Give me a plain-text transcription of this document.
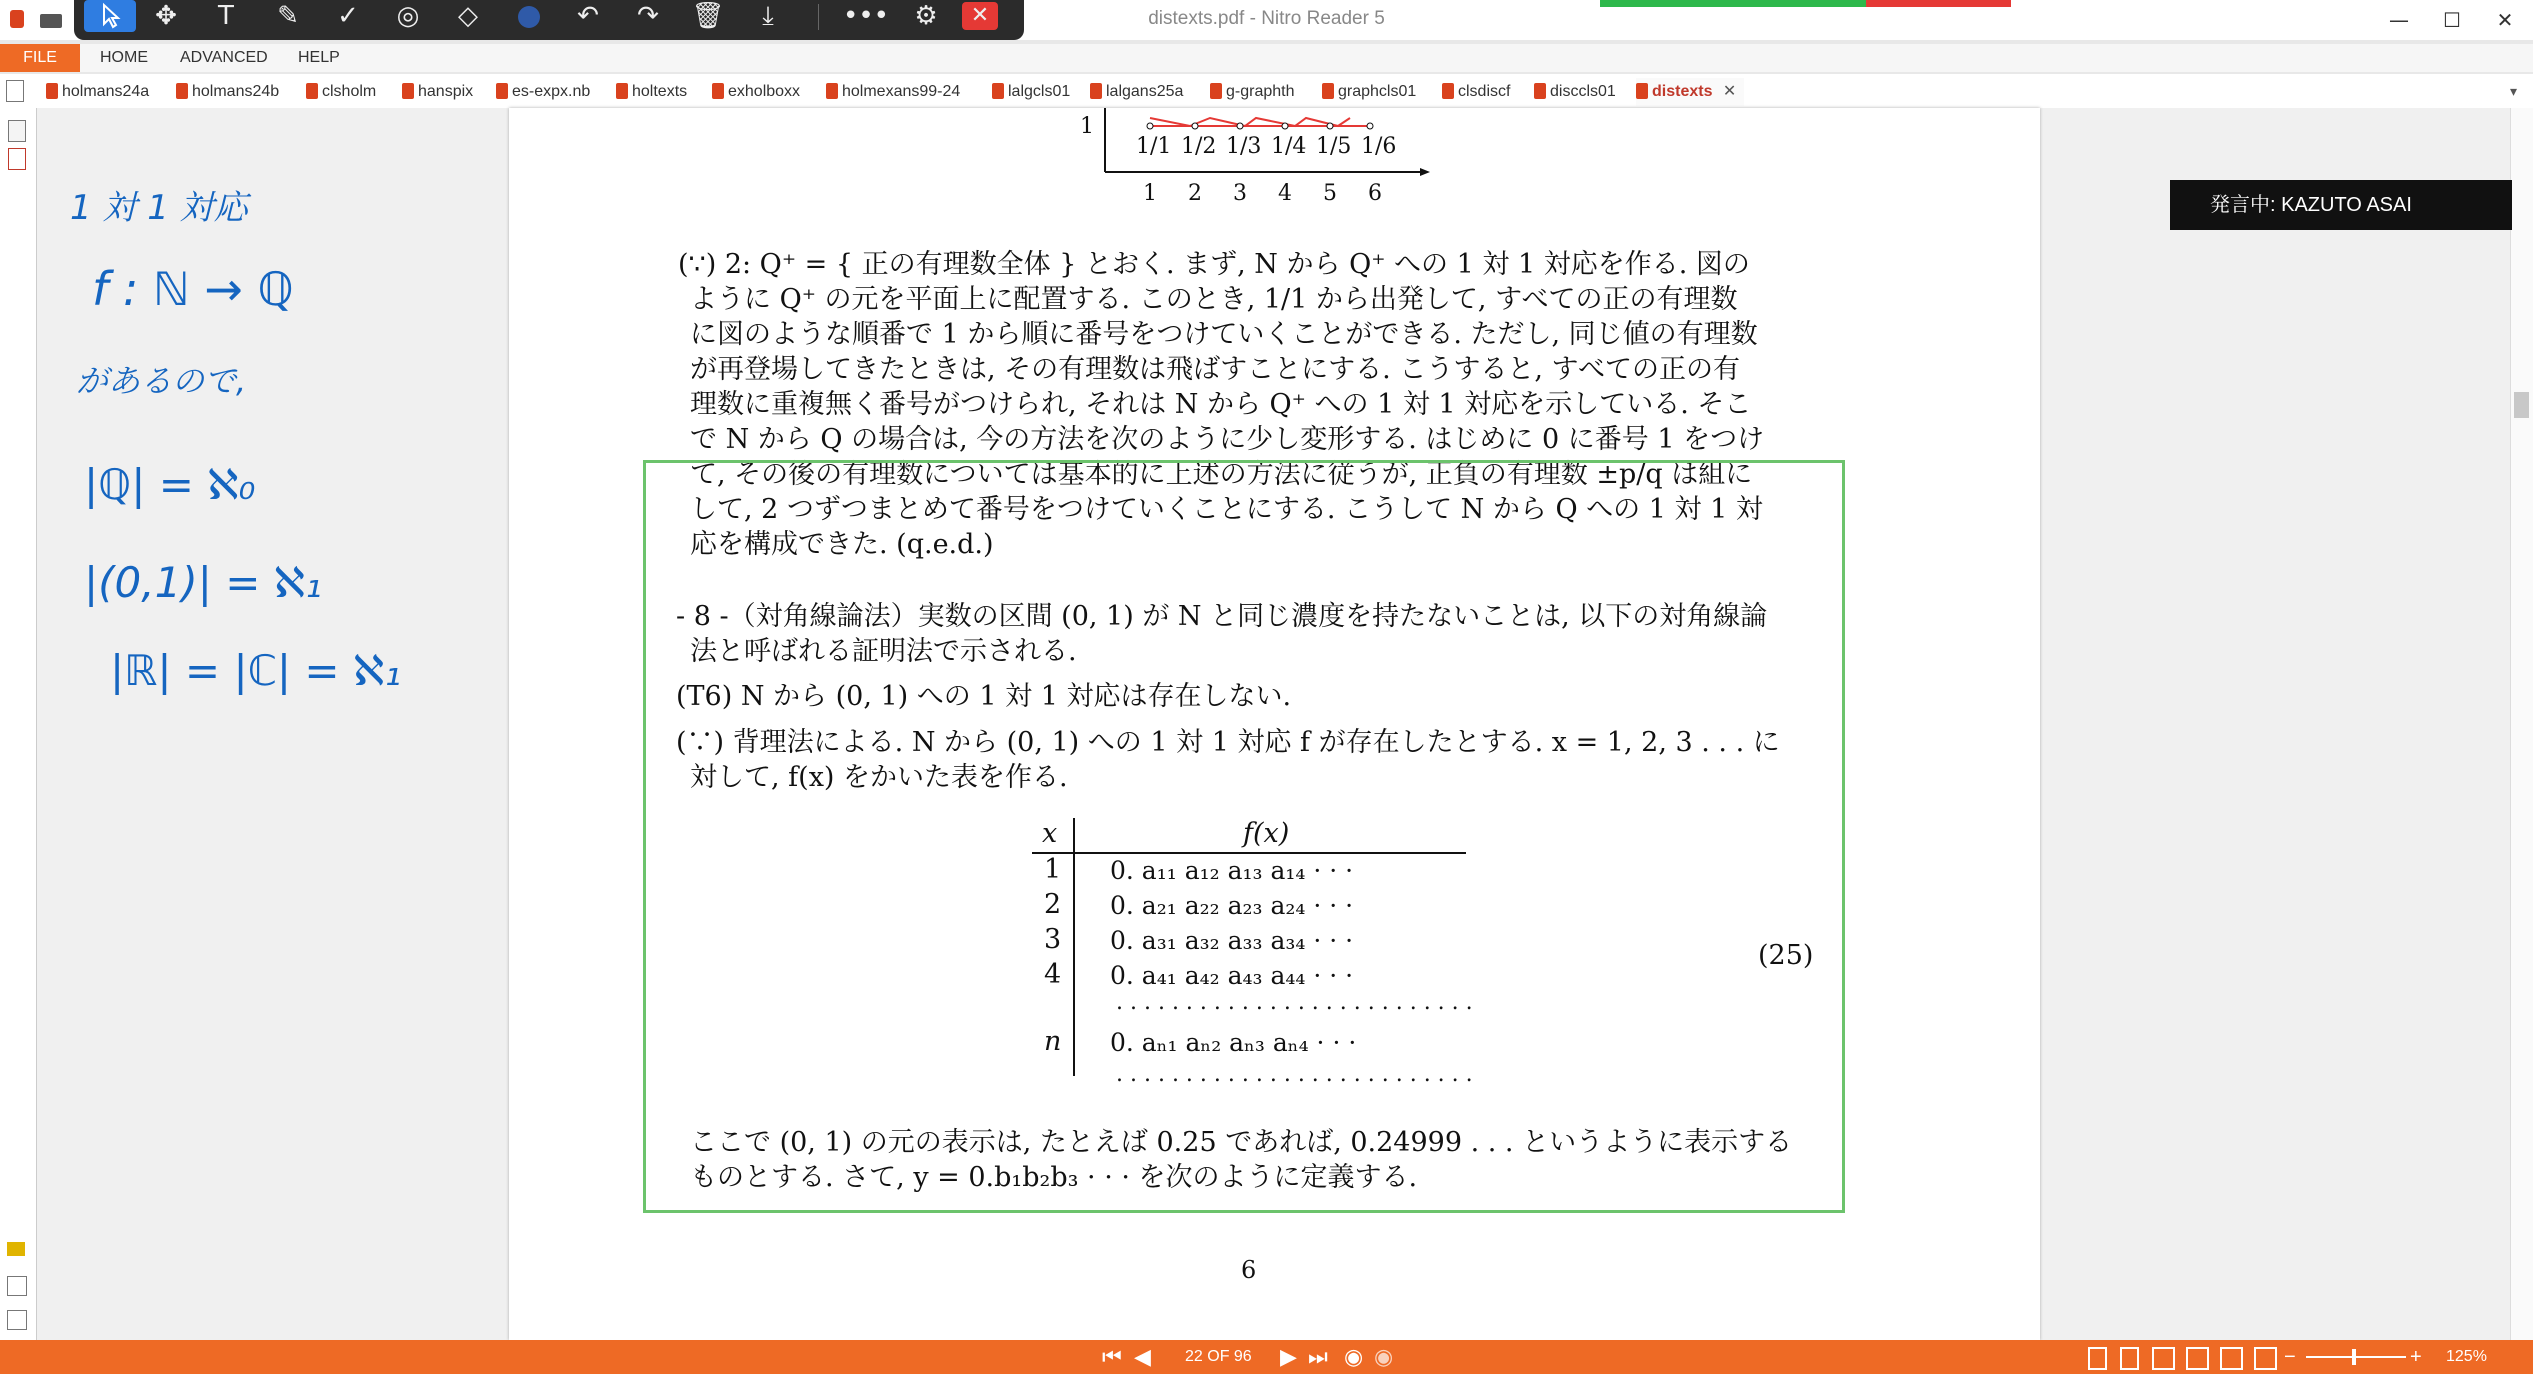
distexts.pdf - Nitro Reader 5	—	☐	✕
✥	T	✎	✓	◎	◇	↶	↷	🗑	⤓	••• ⚙	✕
FILE	HOME ADVANCED HELP
holmans24a	holmans24b	clsholm	hanspix	es-expx.nb	holtexts	exholboxx	holmexans99-24	lalgcls01	lalgans25a	g-graphth	graphcls01	clsdiscf	disccls01	distexts ✕	▾
1 対 1 対応
f : ℕ → ℚ
があるので,
|ℚ| = ℵ₀
|(0,1)| = ℵ₁
|ℝ| = |ℂ| = ℵ₁
発言中: KAZUTO ASAI
1
1/1 1/2 1/3 1/4 1/5 1/6
1 2 3 4 5 6
(∵) 2: Q⁺ = { 正の有理数全体 } とおく. まず, N から Q⁺ への 1 対 1 対応を作る. 図の
ように Q⁺ の元を平面上に配置する. このとき, 1/1 から出発して, すべての正の有理数
に図のような順番で 1 から順に番号をつけていくことができる. ただし, 同じ値の有理数
が再登場してきたときは, その有理数は飛ばすことにする. こうすると, すべての正の有
理数に重複無く番号がつけられ, それは N から Q⁺ への 1 対 1 対応を示している. そこ
で N から Q の場合は, 今の方法を次のように少し変形する. はじめに 0 に番号 1 をつけ
て, その後の有理数については基本的に上述の方法に従うが, 正負の有理数 ±p/q は組に
して, 2 つずつまとめて番号をつけていくことにする. こうして N から Q への 1 対 1 対
応を構成できた. (q.e.d.)
- 8 -（対角線論法）実数の区間 (0, 1) が N と同じ濃度を持たないことは, 以下の対角線論
法と呼ばれる証明法で示される.
(T6) N から (0, 1) への 1 対 1 対応は存在しない.
(∵) 背理法による. N から (0, 1) への 1 対 1 対応 f が存在したとする. x = 1, 2, 3 . . . に
対して, f(x) をかいた表を作る.
x	f(x)
1 0. a₁₁ a₁₂ a₁₃ a₁₄ · · ·
2 0. a₂₁ a₂₂ a₂₃ a₂₄ · · ·
3 0. a₃₁ a₃₂ a₃₃ a₃₄ · · ·
4 0. a₄₁ a₄₂ a₄₃ a₄₄ · · ·
. . . . . . . . . . . . . . . . . . . . . . . . . .
n 0. aₙ₁ aₙ₂ aₙ₃ aₙ₄ · · ·
. . . . . . . . . . . . . . . . . . . . . . . . . .
(25)
ここで (0, 1) の元の表示は, たとえば 0.25 であれば, 0.24999 . . . というように表示する
ものとする. さて, y = 0.b₁b₂b₃ · · · を次のように定義する.
6
⏮ ◀ 22 OF 96 ▶ ⏭ ◉ ◉	−	+ 125%
